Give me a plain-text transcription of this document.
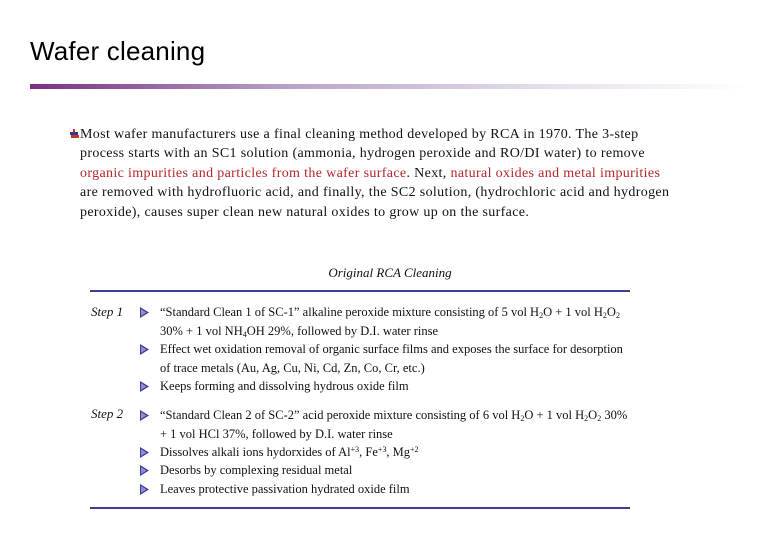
Wafer cleaning
Most wafer manufacturers use a final cleaning method developed by RCA in 1970. The 3-step process starts with an SC1 solution (ammonia, hydrogen peroxide and RO/DI water) to remove organic impurities and particles from the wafer surface. Next, natural oxides and metal impurities are removed with hydrofluoric acid, and finally, the SC2 solution, (hydrochloric acid and hydrogen peroxide), causes super clean new natural oxides to grow up on the surface.
Original RCA Cleaning
Step 1	“Standard Clean 1 of SC-1” alkaline peroxide mixture consisting of 5 vol $H_2O + 1$ vol $H_2O_2$ 30% + 1 vol $NH_4OH$ 29%, followed by D.I. water rinse
Effect wet oxidation removal of organic surface films and exposes the surface for desorption of trace metals (Au, Ag, Cu, Ni, Cd, Zn, Co, Cr, etc.)
Keeps forming and dissolving hydrous oxide film
Step 2	“Standard Clean 2 of SC-2” acid peroxide mixture consisting of 6 vol $H_2O + 1$ vol $H_2O_2$ 30% + 1 vol HCl 37%, followed by D.I. water rinse
Dissolves alkali ions hydorxides of $Al^{+3}$, $Fe^{+3}$, $Mg^{+2}$
Desorbs by complexing residual metal
Leaves protective passivation hydrated oxide film
